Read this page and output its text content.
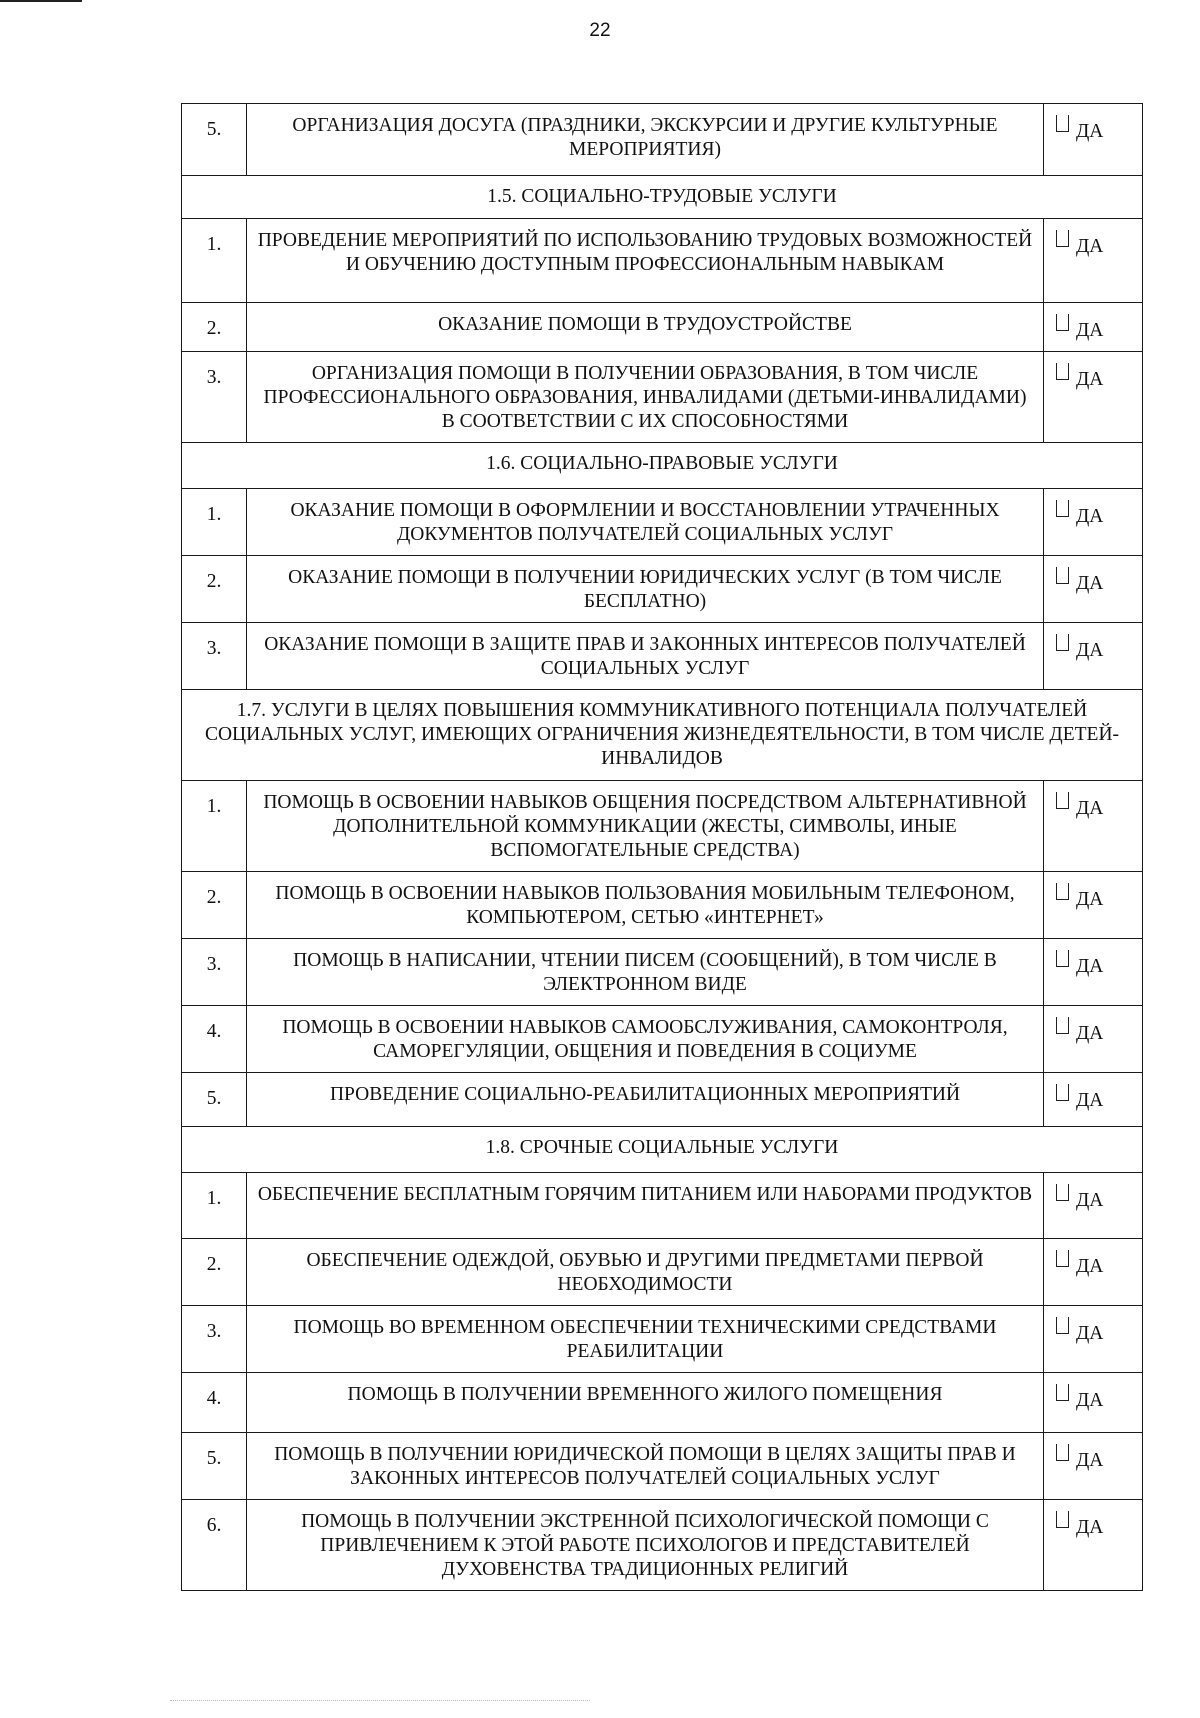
22
5.	ОРГАНИЗАЦИЯ ДОСУГА (ПРАЗДНИКИ, ЭКСКУРСИИ И ДРУГИЕ КУЛЬТУРНЫЕ МЕРОПРИЯТИЯ)	ДА
1.5. СОЦИАЛЬНО-ТРУДОВЫЕ УСЛУГИ		
1.	ПРОВЕДЕНИЕ МЕРОПРИЯТИЙ ПО ИСПОЛЬЗОВАНИЮ ТРУДОВЫХ ВОЗМОЖНОСТЕЙ И ОБУЧЕНИЮ ДОСТУПНЫМ ПРОФЕССИОНАЛЬНЫМ НАВЫКАМ	ДА
2.	ОКАЗАНИЕ ПОМОЩИ В ТРУДОУСТРОЙСТВЕ	ДА
3.	ОРГАНИЗАЦИЯ ПОМОЩИ В ПОЛУЧЕНИИ ОБРАЗОВАНИЯ, В ТОМ ЧИСЛЕ ПРОФЕССИОНАЛЬНОГО ОБРАЗОВАНИЯ, ИНВАЛИДАМИ (ДЕТЬМИ-ИНВАЛИДАМИ) В СООТВЕТСТВИИ С ИХ СПОСОБНОСТЯМИ	ДА
1.6. СОЦИАЛЬНО-ПРАВОВЫЕ УСЛУГИ		
1.	ОКАЗАНИЕ ПОМОЩИ В ОФОРМЛЕНИИ И ВОССТАНОВЛЕНИИ УТРАЧЕННЫХ ДОКУМЕНТОВ ПОЛУЧАТЕЛЕЙ СОЦИАЛЬНЫХ УСЛУГ	ДА
2.	ОКАЗАНИЕ ПОМОЩИ В ПОЛУЧЕНИИ ЮРИДИЧЕСКИХ УСЛУГ (В ТОМ ЧИСЛЕ БЕСПЛАТНО)	ДА
3.	ОКАЗАНИЕ ПОМОЩИ В ЗАЩИТЕ ПРАВ И ЗАКОННЫХ ИНТЕРЕСОВ ПОЛУЧАТЕЛЕЙ СОЦИАЛЬНЫХ УСЛУГ	ДА
1.7. УСЛУГИ В ЦЕЛЯХ ПОВЫШЕНИЯ КОММУНИКАТИВНОГО ПОТЕНЦИАЛА ПОЛУЧАТЕЛЕЙ СОЦИАЛЬНЫХ УСЛУГ, ИМЕЮЩИХ ОГРАНИЧЕНИЯ ЖИЗНЕДЕЯТЕЛЬНОСТИ, В ТОМ ЧИСЛЕ ДЕТЕЙ-ИНВАЛИДОВ		
1.	ПОМОЩЬ В ОСВОЕНИИ НАВЫКОВ ОБЩЕНИЯ ПОСРЕДСТВОМ АЛЬТЕРНАТИВНОЙ ДОПОЛНИТЕЛЬНОЙ КОММУНИКАЦИИ (ЖЕСТЫ, СИМВОЛЫ, ИНЫЕ ВСПОМОГАТЕЛЬНЫЕ СРЕДСТВА)	ДА
2.	ПОМОЩЬ В ОСВОЕНИИ НАВЫКОВ ПОЛЬЗОВАНИЯ МОБИЛЬНЫМ ТЕЛЕФОНОМ, КОМПЬЮТЕРОМ, СЕТЬЮ «ИНТЕРНЕТ»	ДА
3.	ПОМОЩЬ В НАПИСАНИИ, ЧТЕНИИ ПИСЕМ (СООБЩЕНИЙ), В ТОМ ЧИСЛЕ В ЭЛЕКТРОННОМ ВИДЕ	ДА
4.	ПОМОЩЬ В ОСВОЕНИИ НАВЫКОВ САМООБСЛУЖИВАНИЯ, САМОКОНТРОЛЯ, САМОРЕГУЛЯЦИИ, ОБЩЕНИЯ И ПОВЕДЕНИЯ В СОЦИУМЕ	ДА
5.	ПРОВЕДЕНИЕ СОЦИАЛЬНО-РЕАБИЛИТАЦИОННЫХ МЕРОПРИЯТИЙ	ДА
1.8. СРОЧНЫЕ СОЦИАЛЬНЫЕ УСЛУГИ		
1.	ОБЕСПЕЧЕНИЕ БЕСПЛАТНЫМ ГОРЯЧИМ ПИТАНИЕМ ИЛИ НАБОРАМИ ПРОДУКТОВ	ДА
2.	ОБЕСПЕЧЕНИЕ ОДЕЖДОЙ, ОБУВЬЮ И ДРУГИМИ ПРЕДМЕТАМИ ПЕРВОЙ НЕОБХОДИМОСТИ	ДА
3.	ПОМОЩЬ ВО ВРЕМЕННОМ ОБЕСПЕЧЕНИИ ТЕХНИЧЕСКИМИ СРЕДСТВАМИ РЕАБИЛИТАЦИИ	ДА
4.	ПОМОЩЬ В ПОЛУЧЕНИИ ВРЕМЕННОГО ЖИЛОГО ПОМЕЩЕНИЯ	ДА
5.	ПОМОЩЬ В ПОЛУЧЕНИИ ЮРИДИЧЕСКОЙ ПОМОЩИ В ЦЕЛЯХ ЗАЩИТЫ ПРАВ И ЗАКОННЫХ ИНТЕРЕСОВ ПОЛУЧАТЕЛЕЙ СОЦИАЛЬНЫХ УСЛУГ	ДА
6.	ПОМОЩЬ В ПОЛУЧЕНИИ ЭКСТРЕННОЙ ПСИХОЛОГИЧЕСКОЙ ПОМОЩИ С ПРИВЛЕЧЕНИЕМ К ЭТОЙ РАБОТЕ ПСИХОЛОГОВ И ПРЕДСТАВИТЕЛЕЙ ДУХОВЕНСТВА ТРАДИЦИОННЫХ РЕЛИГИЙ	ДА
